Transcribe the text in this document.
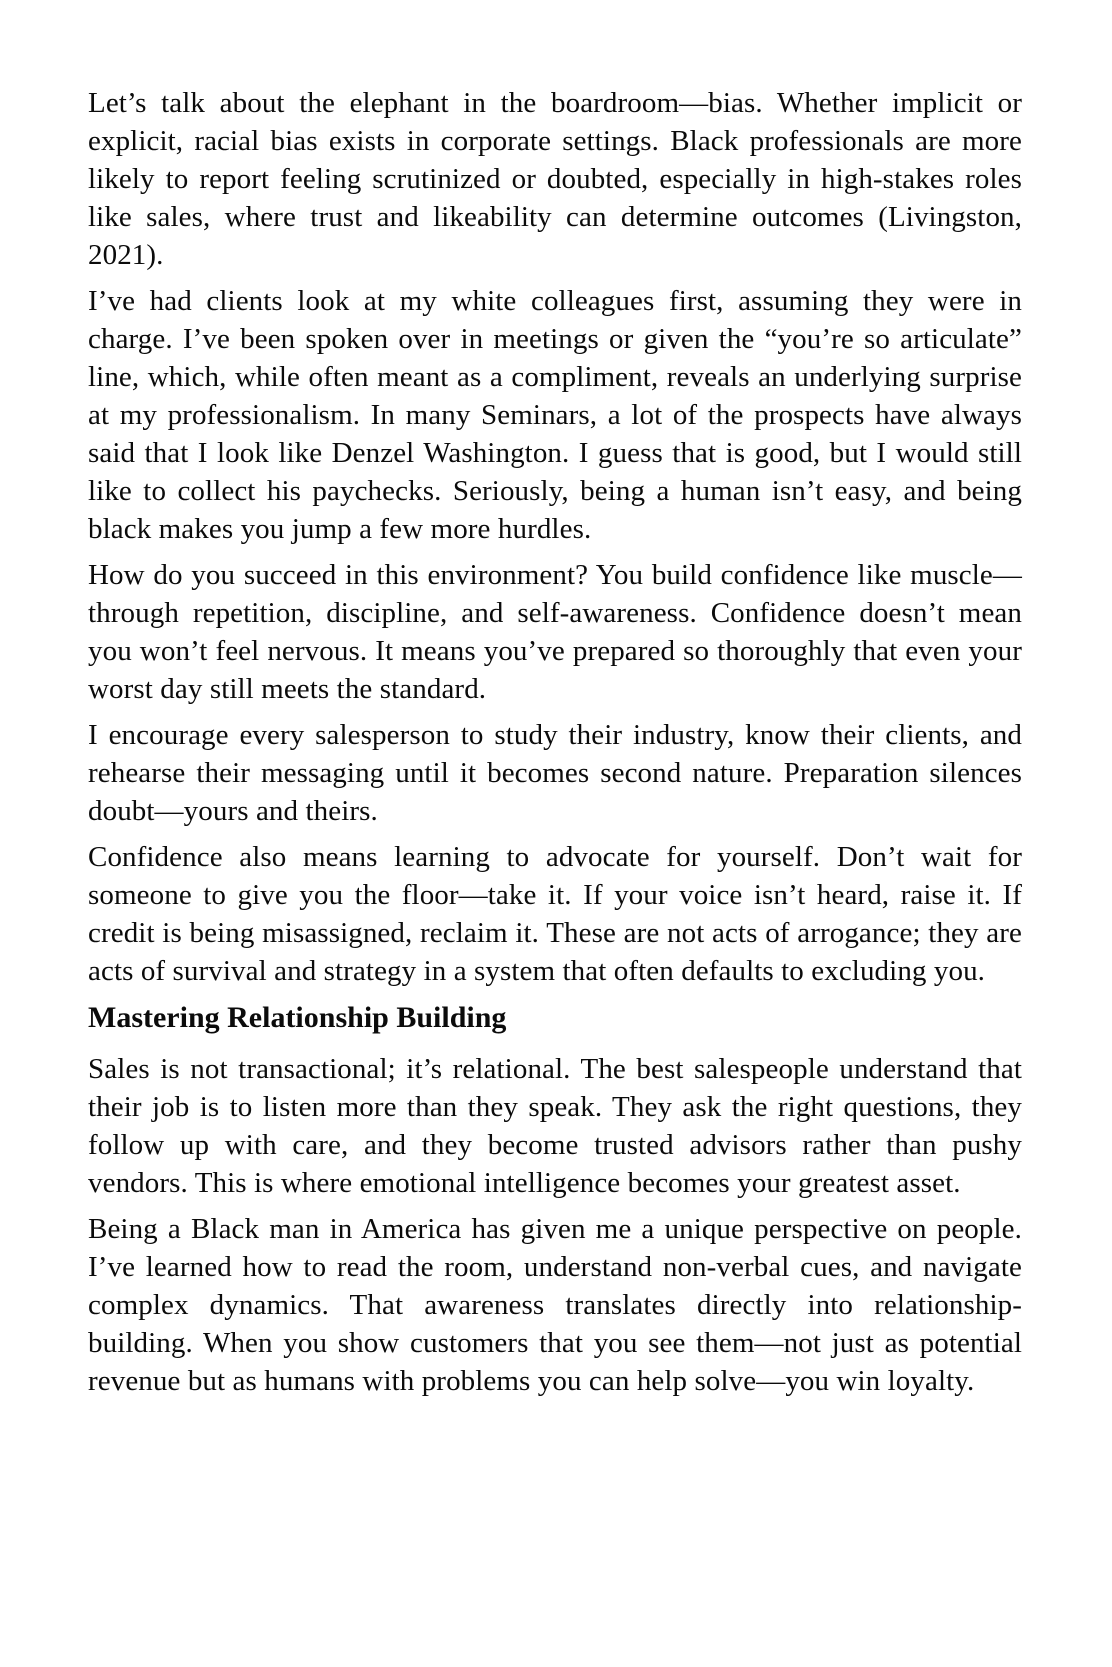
Let’s talk about the elephant in the boardroom—bias. Whether implicit or explicit, racial bias exists in corporate settings. Black professionals are more likely to report feeling scrutinized or doubted, especially in high-stakes roles like sales, where trust and likeability can determine outcomes (Livingston, 2021).

I’ve had clients look at my white colleagues first, assuming they were in charge. I’ve been spoken over in meetings or given the “you’re so articulate” line, which, while often meant as a compliment, reveals an underlying surprise at my professionalism. In many Seminars, a lot of the prospects have always said that I look like Denzel Washington. I guess that is good, but I would still like to collect his paychecks. Seriously, being a human isn’t easy, and being black makes you jump a few more hurdles.

How do you succeed in this environment? You build confidence like muscle—through repetition, discipline, and self-awareness. Confidence doesn’t mean you won’t feel nervous. It means you’ve prepared so thoroughly that even your worst day still meets the standard.

I encourage every salesperson to study their industry, know their clients, and rehearse their messaging until it becomes second nature. Preparation silences doubt—yours and theirs.

Confidence also means learning to advocate for yourself. Don’t wait for someone to give you the floor—take it. If your voice isn’t heard, raise it. If credit is being misassigned, reclaim it. These are not acts of arrogance; they are acts of survival and strategy in a system that often defaults to excluding you.

Mastering Relationship Building

Sales is not transactional; it’s relational. The best salespeople understand that their job is to listen more than they speak. They ask the right questions, they follow up with care, and they become trusted advisors rather than pushy vendors. This is where emotional intelligence becomes your greatest asset.

Being a Black man in America has given me a unique perspective on people. I’ve learned how to read the room, understand non-verbal cues, and navigate complex dynamics. That awareness translates directly into relationship-building. When you show customers that you see them—not just as potential revenue but as humans with problems you can help solve—you win loyalty.
